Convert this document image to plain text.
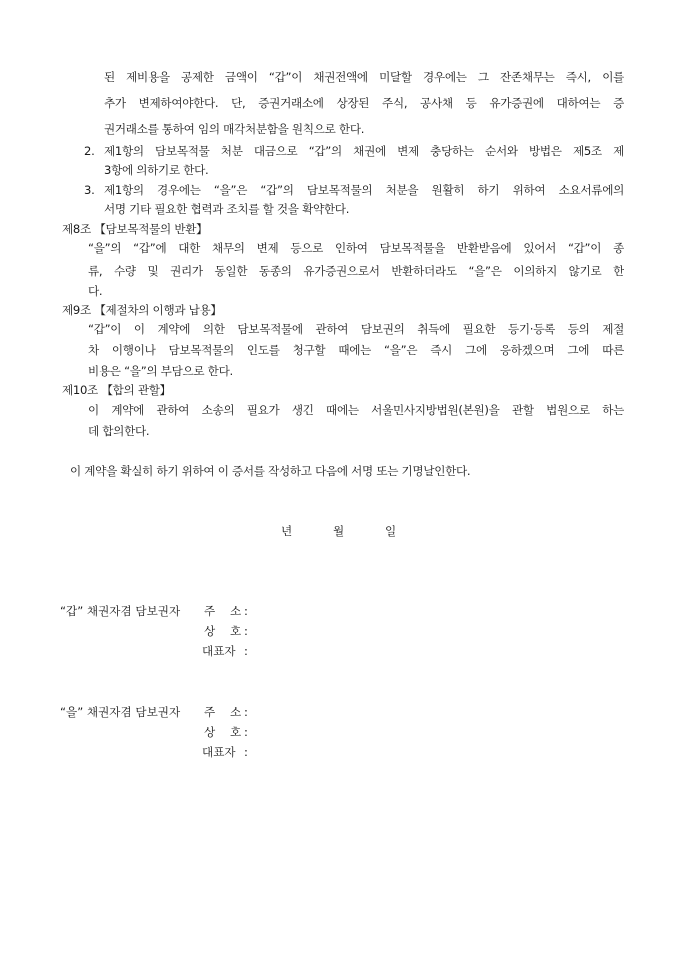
된 제비용을 공제한 금액이 “갑”이 채권전액에 미달할 경우에는 그 잔존채무는 즉시, 이를
추가 변제하여야한다. 단, 증권거래소에 상장된 주식, 공사채 등 유가증권에 대하여는 증
권거래소를 통하여 임의 매각처분함을 원칙으로 한다.
2. 제1항의 담보목적물 처분 대금으로 “갑”의 채권에 변제 충당하는 순서와 방법은 제5조 제
3항에 의하기로 한다.
3. 제1항의 경우에는 “을”은 “갑”의 담보목적물의 처분을 원활히 하기 위하여 소요서류에의
서명 기타 필요한 협력과 조치를 할 것을 확약한다.
제8조 【담보목적물의 반환】
“을”의 “갑”에 대한 채무의 변제 등으로 인하여 담보목적물을 반환받음에 있어서 “갑”이 종
류, 수량 및 권리가 동일한 동종의 유가증권으로서 반환하더라도 “을”은 이의하지 않기로 한
다.
제9조 【제절차의 이행과 납용】
“갑”이 이 계약에 의한 담보목적물에 관하여 담보권의 취득에 필요한 등기·등록 등의 제절
차 이행이나 담보목적물의 인도를 청구할 때에는 “을”은 즉시 그에 응하겠으며 그에 따른
비용은 “을”의 부담으로 한다.
제10조 【합의 관할】
이 계약에 관하여 소송의 필요가 생긴 때에는 서울민사지방법원(본원)을 관할 법원으로 하는
데 합의한다.
이 계약을 확실히 하기 위하여 이 증서를 작성하고 다음에 서명 또는 기명날인한다.
년	월	일
“갑” 채권자겸 담보권자 주    소 :
상    호 :
대표자 :
“을” 채권자겸 담보권자 주    소 :
상    호 :
대표자 :
